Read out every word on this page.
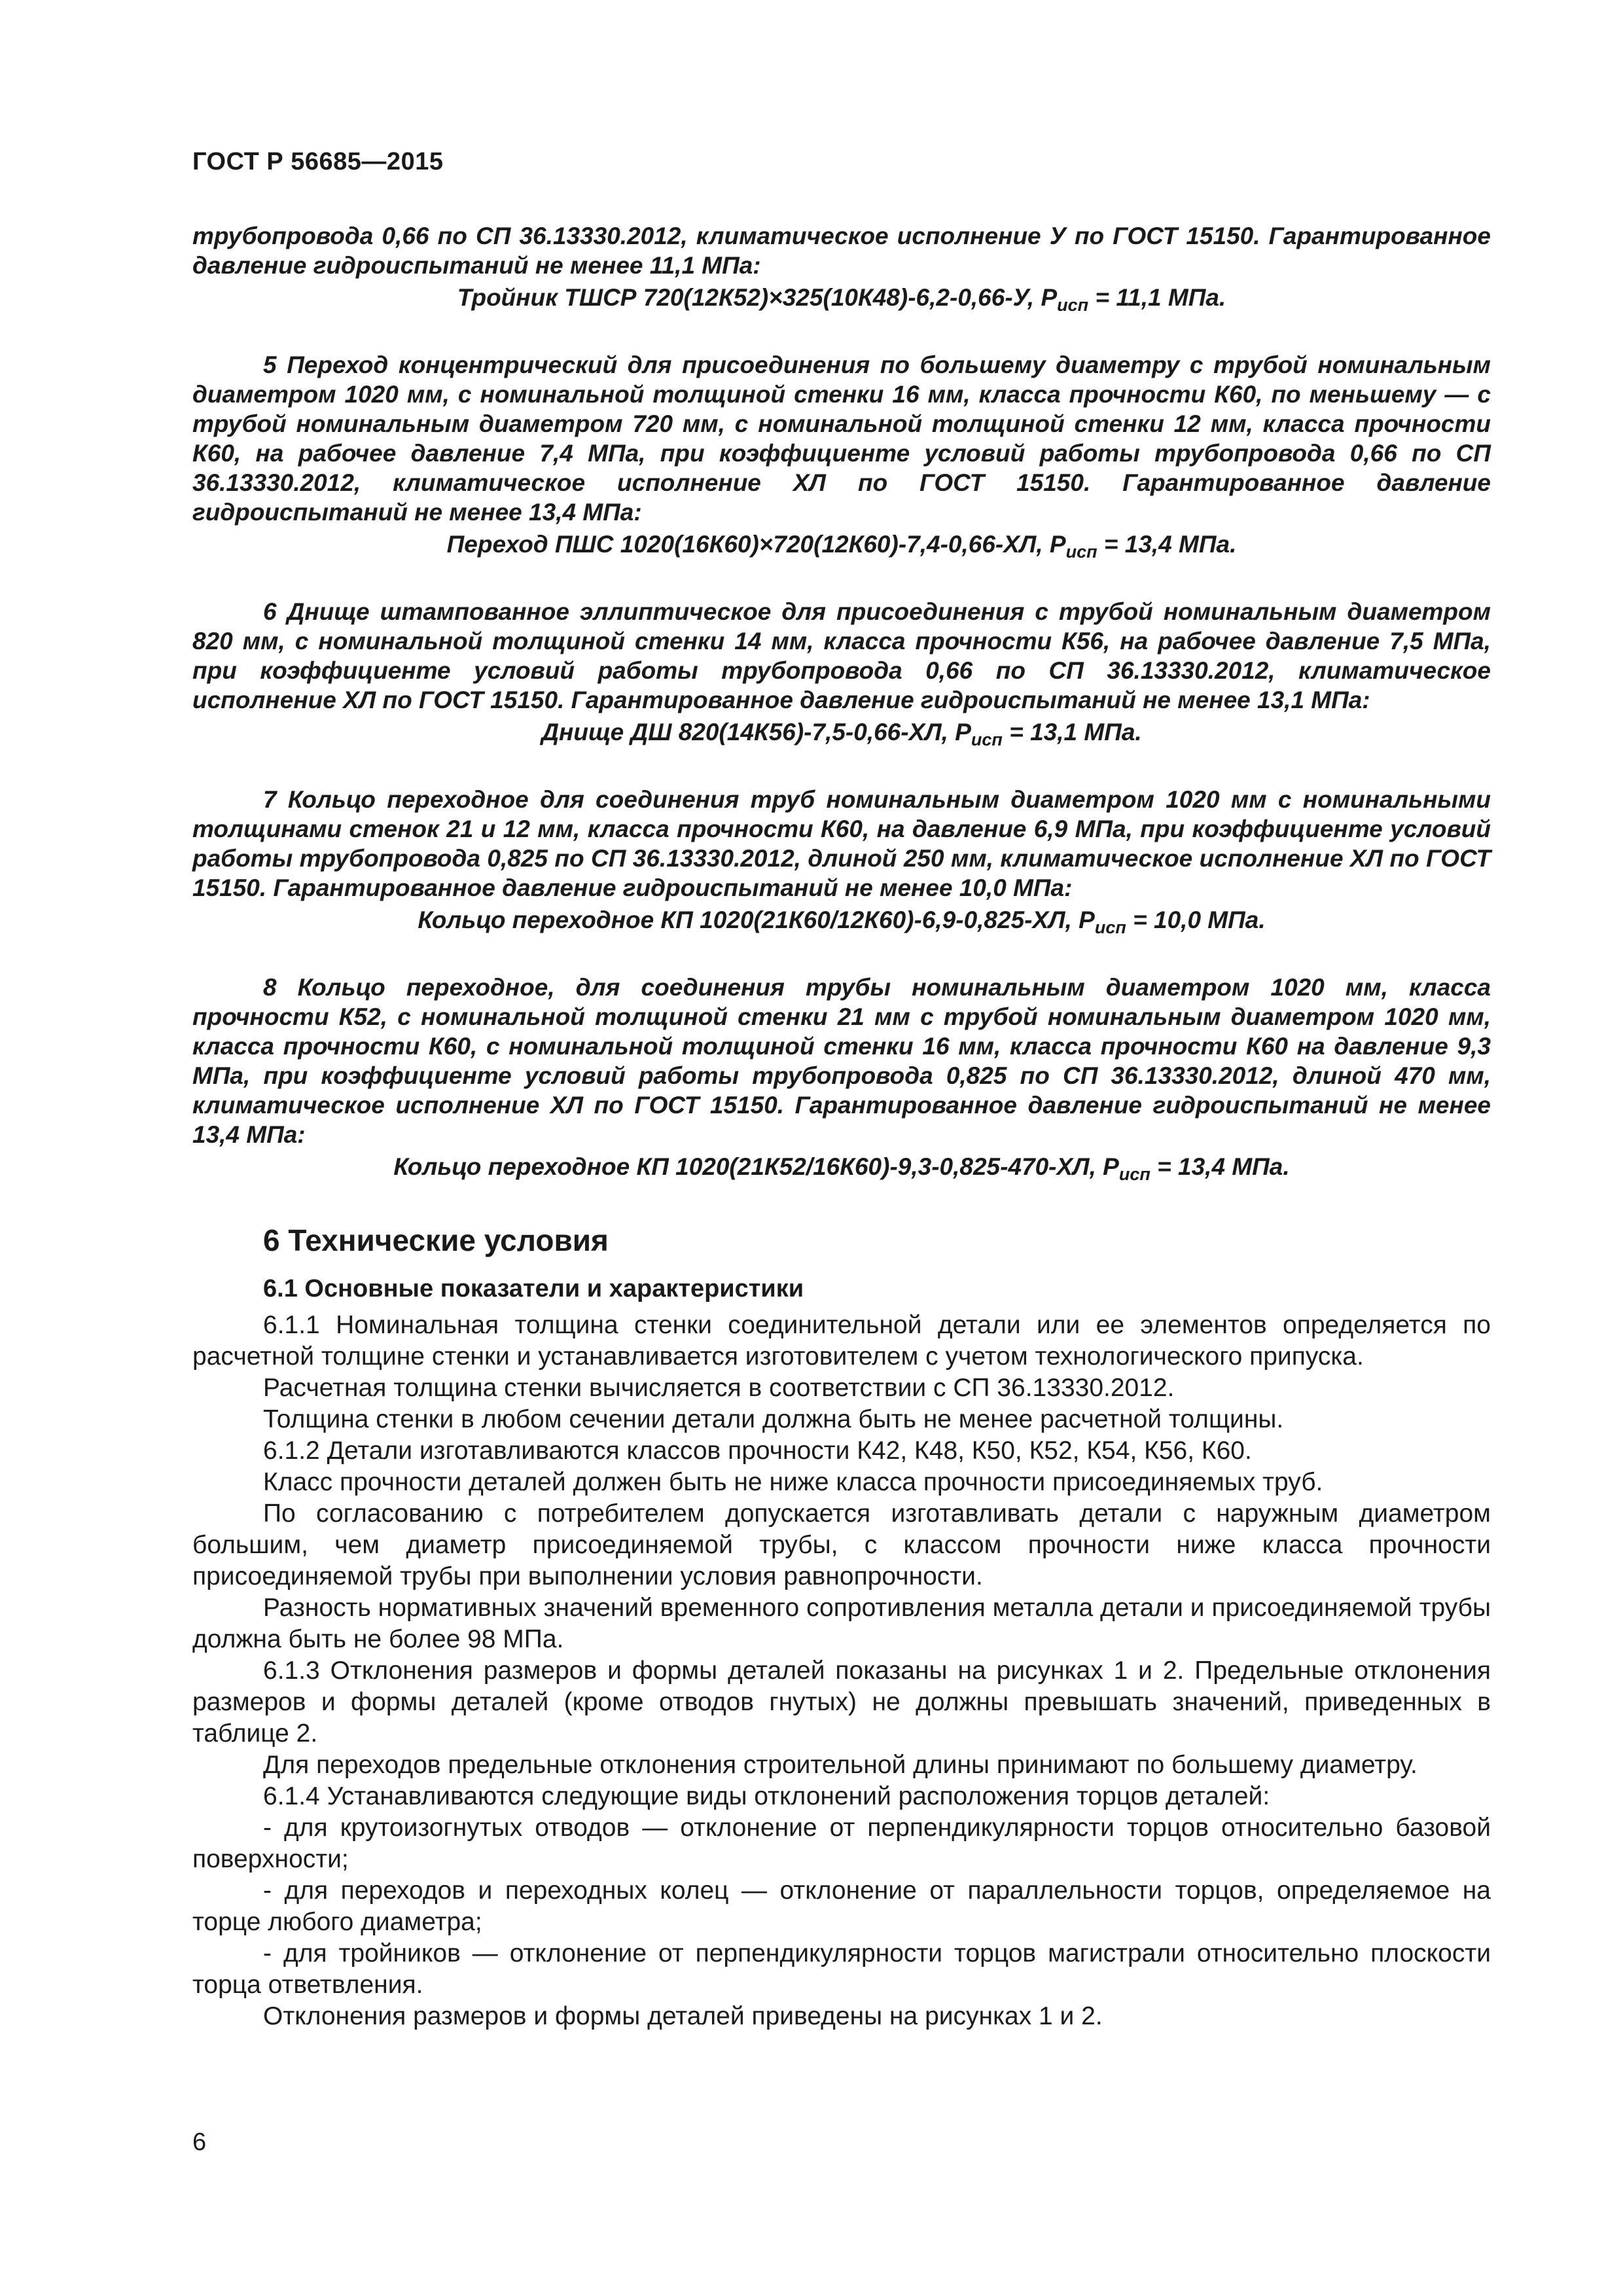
ГОСТ Р 56685—2015

трубопровода 0,66 по СП 36.13330.2012, климатическое исполнение У по ГОСТ 15150. Гарантированное давление гидроиспытаний не менее 11,1 МПа:

Тройник ТШСР 720(12К52)×325(10К48)-6,2-0,66-У, $P_{исп} = 11,1$ МПа.

5 Переход концентрический для присоединения по большему диаметру с трубой номинальным диаметром 1020 мм, с номинальной толщиной стенки 16 мм, класса прочности К60, по меньшему — с трубой номинальным диаметром 720 мм, с номинальной толщиной стенки 12 мм, класса прочности К60, на рабочее давление 7,4 МПа, при коэффициенте условий работы трубопровода 0,66 по СП 36.13330.2012, климатическое исполнение ХЛ по ГОСТ 15150. Гарантированное давление гидроиспытаний не менее 13,4 МПа:

Переход ПШС 1020(16К60)×720(12К60)-7,4-0,66-ХЛ, $P_{исп} = 13,4$ МПа.

6 Днище штампованное эллиптическое для присоединения с трубой номинальным диаметром 820 мм, с номинальной толщиной стенки 14 мм, класса прочности К56, на рабочее давление 7,5 МПа, при коэффициенте условий работы трубопровода 0,66 по СП 36.13330.2012, климатическое исполнение ХЛ по ГОСТ 15150. Гарантированное давление гидроиспытаний не менее 13,1 МПа:

Днище ДШ 820(14К56)-7,5-0,66-ХЛ, $P_{исп} = 13,1$ МПа.

7 Кольцо переходное для соединения труб номинальным диаметром 1020 мм с номинальными толщинами стенок 21 и 12 мм, класса прочности К60, на давление 6,9 МПа, при коэффициенте условий работы трубопровода 0,825 по СП 36.13330.2012, длиной 250 мм, климатическое исполнение ХЛ по ГОСТ 15150. Гарантированное давление гидроиспытаний не менее 10,0 МПа:

Кольцо переходное КП 1020(21К60/12К60)-6,9-0,825-ХЛ, $P_{исп} = 10,0$ МПа.

8 Кольцо переходное, для соединения трубы номинальным диаметром 1020 мм, класса прочности К52, с номинальной толщиной стенки 21 мм с трубой номинальным диаметром 1020 мм, класса прочности К60, с номинальной толщиной стенки 16 мм, класса прочности К60 на давление 9,3 МПа, при коэффициенте условий работы трубопровода 0,825 по СП 36.13330.2012, длиной 470 мм, климатическое исполнение ХЛ по ГОСТ 15150. Гарантированное давление гидроиспытаний не менее 13,4 МПа:

Кольцо переходное КП 1020(21К52/16К60)-9,3-0,825-470-ХЛ, $P_{исп} = 13,4$ МПа.

6 Технические условия
6.1 Основные показатели и характеристики

6.1.1 Номинальная толщина стенки соединительной детали или ее элементов определяется по расчетной толщине стенки и устанавливается изготовителем с учетом технологического припуска.

Расчетная толщина стенки вычисляется в соответствии с СП 36.13330.2012.

Толщина стенки в любом сечении детали должна быть не менее расчетной толщины.

6.1.2 Детали изготавливаются классов прочности К42, К48, К50, К52, К54, К56, К60.

Класс прочности деталей должен быть не ниже класса прочности присоединяемых труб.

По согласованию с потребителем допускается изготавливать детали с наружным диаметром большим, чем диаметр присоединяемой трубы, с классом прочности ниже класса прочности присоединяемой трубы при выполнении условия равнопрочности.

Разность нормативных значений временного сопротивления металла детали и присоединяемой трубы должна быть не более 98 МПа.

6.1.3 Отклонения размеров и формы деталей показаны на рисунках 1 и 2. Предельные отклонения размеров и формы деталей (кроме отводов гнутых) не должны превышать значений, приведенных в таблице 2.

Для переходов предельные отклонения строительной длины принимают по большему диаметру.

6.1.4 Устанавливаются следующие виды отклонений расположения торцов деталей:

- для крутоизогнутых отводов — отклонение от перпендикулярности торцов относительно базовой поверхности;

- для переходов и переходных колец — отклонение от параллельности торцов, определяемое на торце любого диаметра;

- для тройников — отклонение от перпендикулярности торцов магистрали относительно плоскости торца ответвления.

Отклонения размеров и формы деталей приведены на рисунках 1 и 2.

6
